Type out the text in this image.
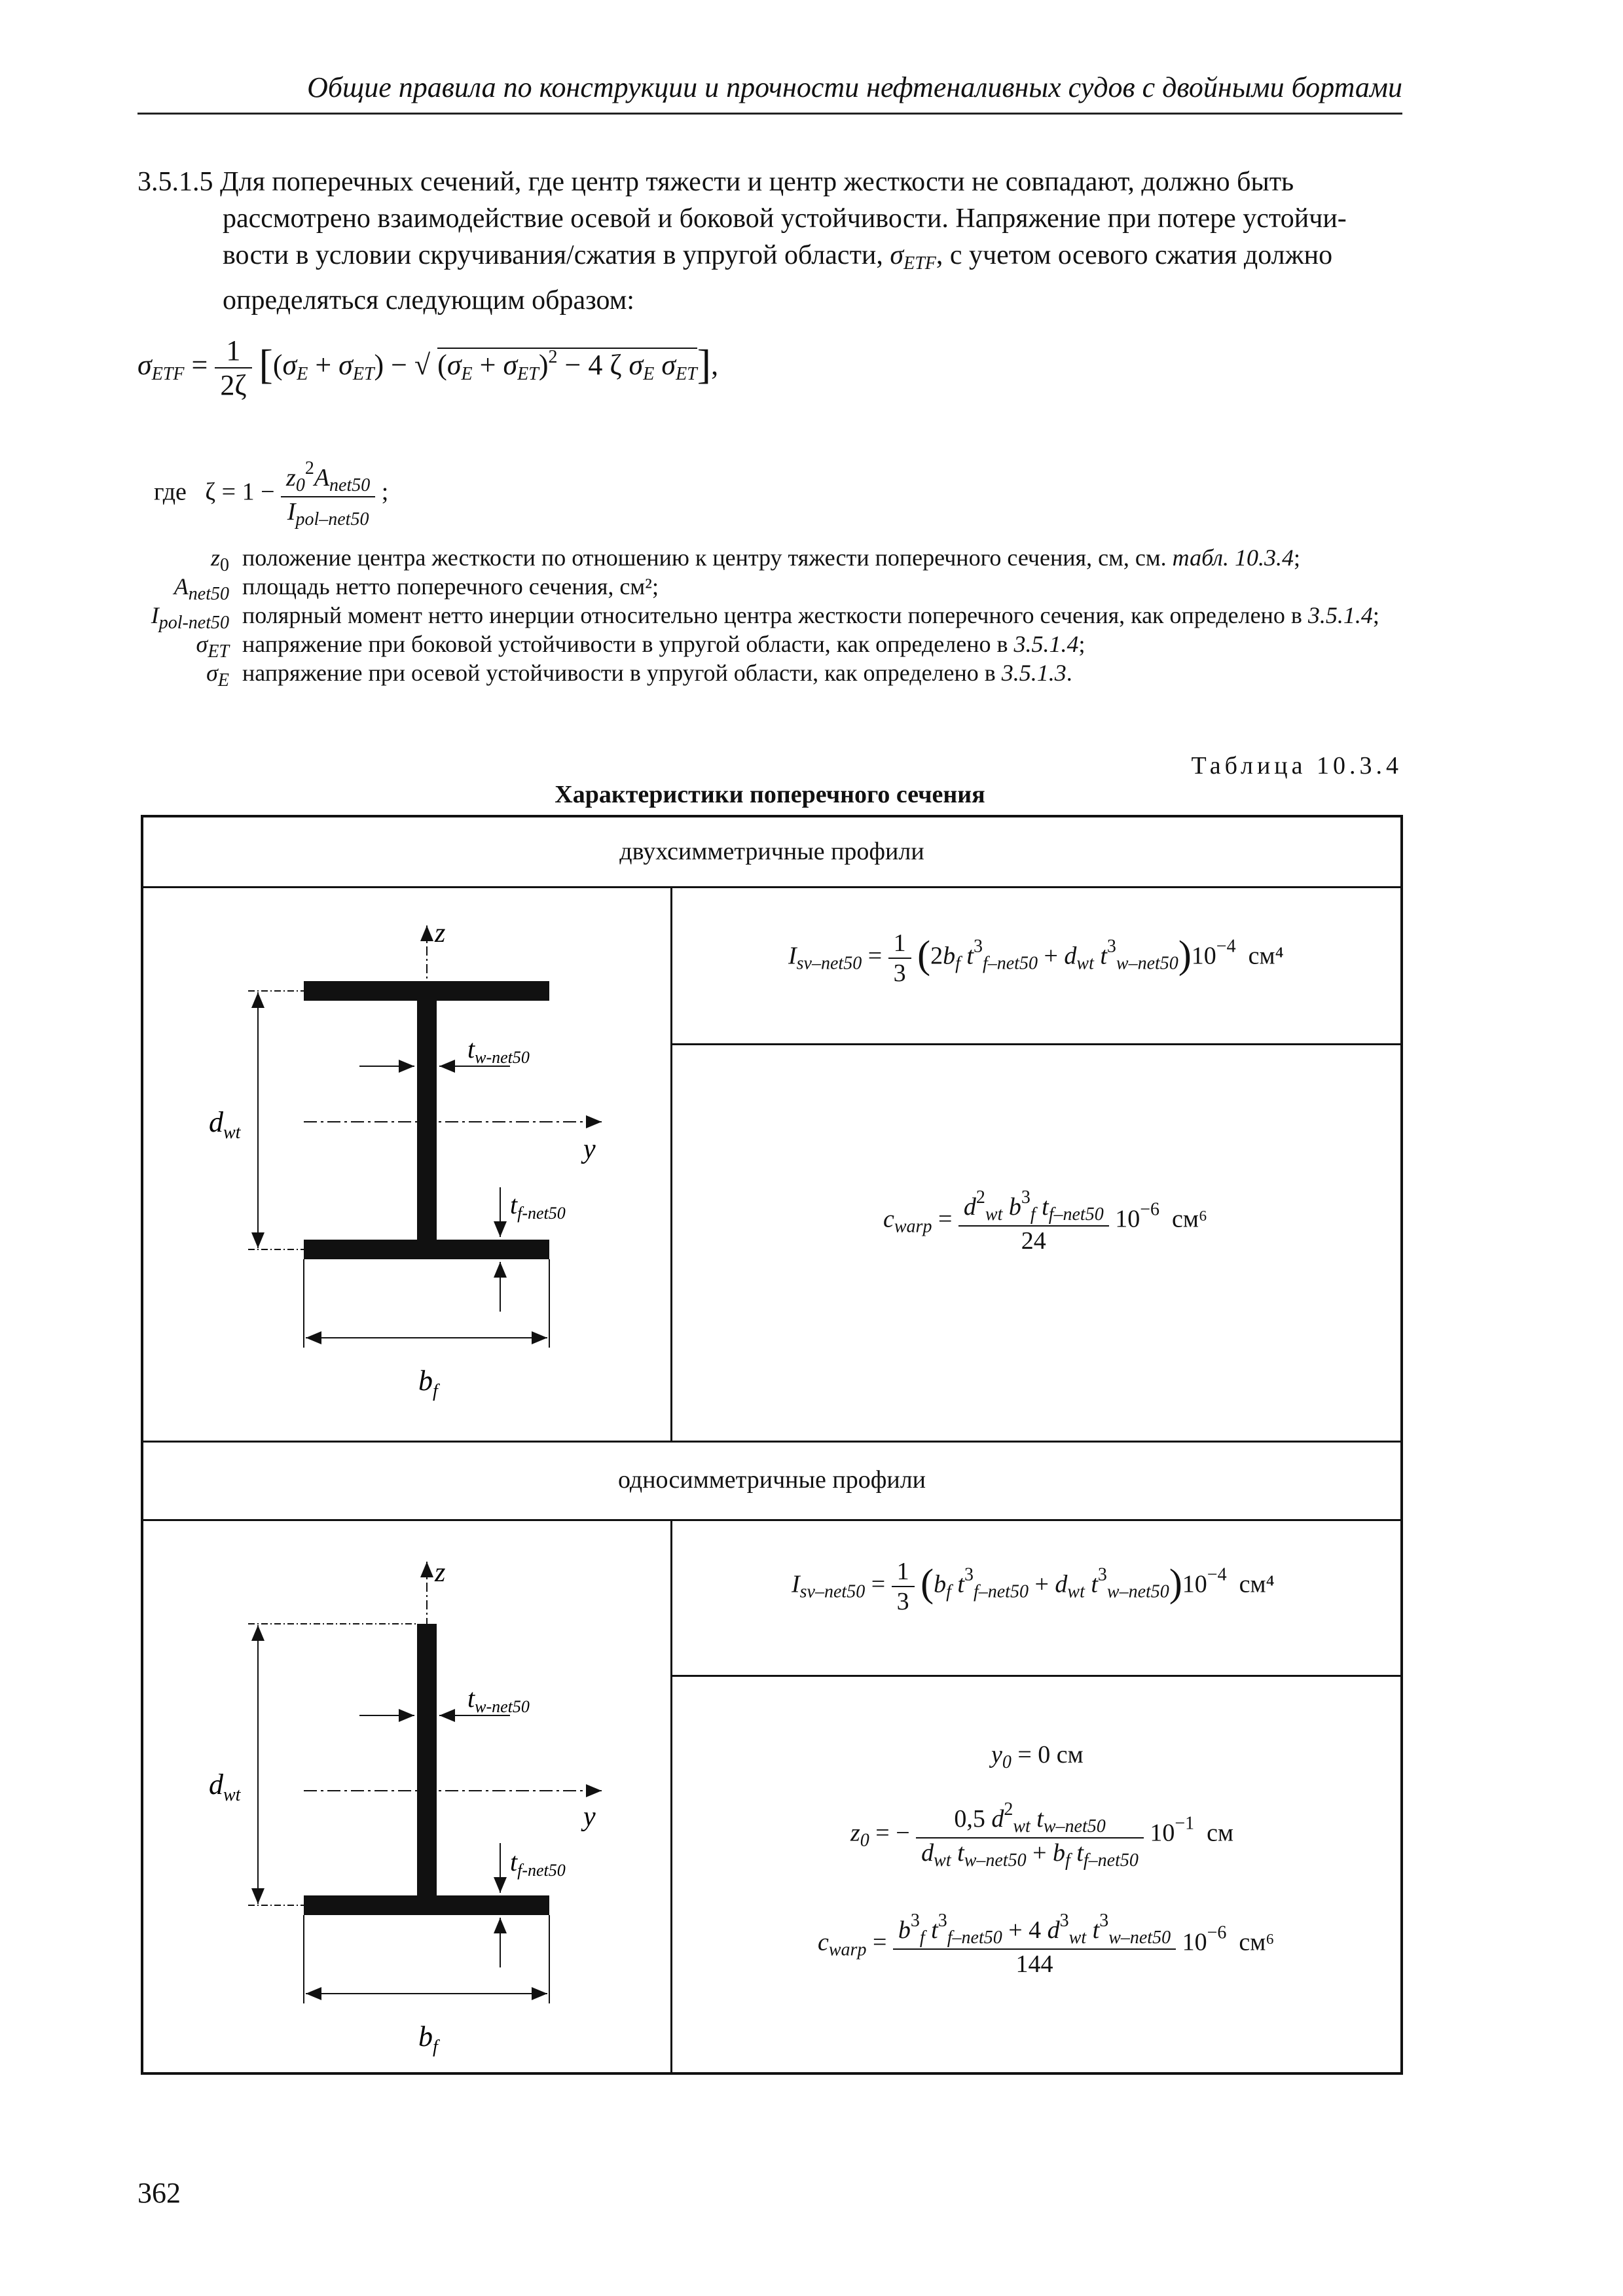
Общие правила по конструкции и прочности нефтеналивных судов с двойными бортами
3.5.1.5 Для поперечных сечений, где центр тяжести и центр жесткости не совпадают, должно быть
рассмотрено взаимодействие осевой и боковой устойчивости. Напряжение при потере устойчи-
вости в условии скручивания/сжатия в упругой области, $\sigma_{ETF}$, с учетом осевого сжатия должно
определяться следующим образом:
$\sigma_{ETF} = \frac{1}{2\zeta} [(\sigma_E + \sigma_{ET})$ − √ $(\sigma_E + \sigma_{ET})^2 - 4$ ζ $\sigma_E$ $\sigma_{ET}$],
где   $\zeta = 1 - \frac{z_0^2A_{net50}}{I_{pol-net50}}$ ;
$z_0$ положение центра жесткости по отношению к центру тяжести поперечного сечения, см, см. табл. 10.3.4;
$A_{net50}$ площадь нетто поперечного сечения, см²;
$I_{pol-net50}$ полярный момент нетто инерции относительно центра жесткости поперечного сечения, как определено в 3.5.1.4;
$\sigma_{ET}$ напряжение при боковой устойчивости в упругой области, как определено в 3.5.1.4;
$\sigma_E$ напряжение при осевой устойчивости в упругой области, как определено в 3.5.1.3.
Таблица 10.3.4
Характеристики поперечного сечения
двухсимметричные профили
односимметричные профили
$I_{sv-net50} = \frac{1}{3} (2b_f$ $t^3_{f-net50} + d_{wt}$ $t^3_{w-net50})10^{-4}$ см⁴
$c_{warp} = \frac{d^2_{wt} b^3_f t_{f-net50}}{24} 10^{-6}$ см⁶
$I_{sv-net50} = \frac{1}{3} (b_f$ $t^3_{f-net50} + d_{wt}$ $t^3_{w-net50})10^{-4}$ см⁴
$y_0 = 0$ см
$z_0$ = − $\frac{0,5 d^2_{wt} t_{w-net50}}{d_{wt} t_{w-net50} + b_f t_{f-net50}} 10^{-1}$ см
$c_{warp} = \frac{b^3_f t^3_{f-net50} + 4 d^3_{wt} t^3_{w-net50}}{144} 10^{-6}$ см⁶
z
y
$d_{wt}$
$t_{w-net50}$
$t_{f-net50}$
$b_f$
z
y
$d_{wt}$
$t_{w-net50}$
$t_{f-net50}$
$b_f$
362
